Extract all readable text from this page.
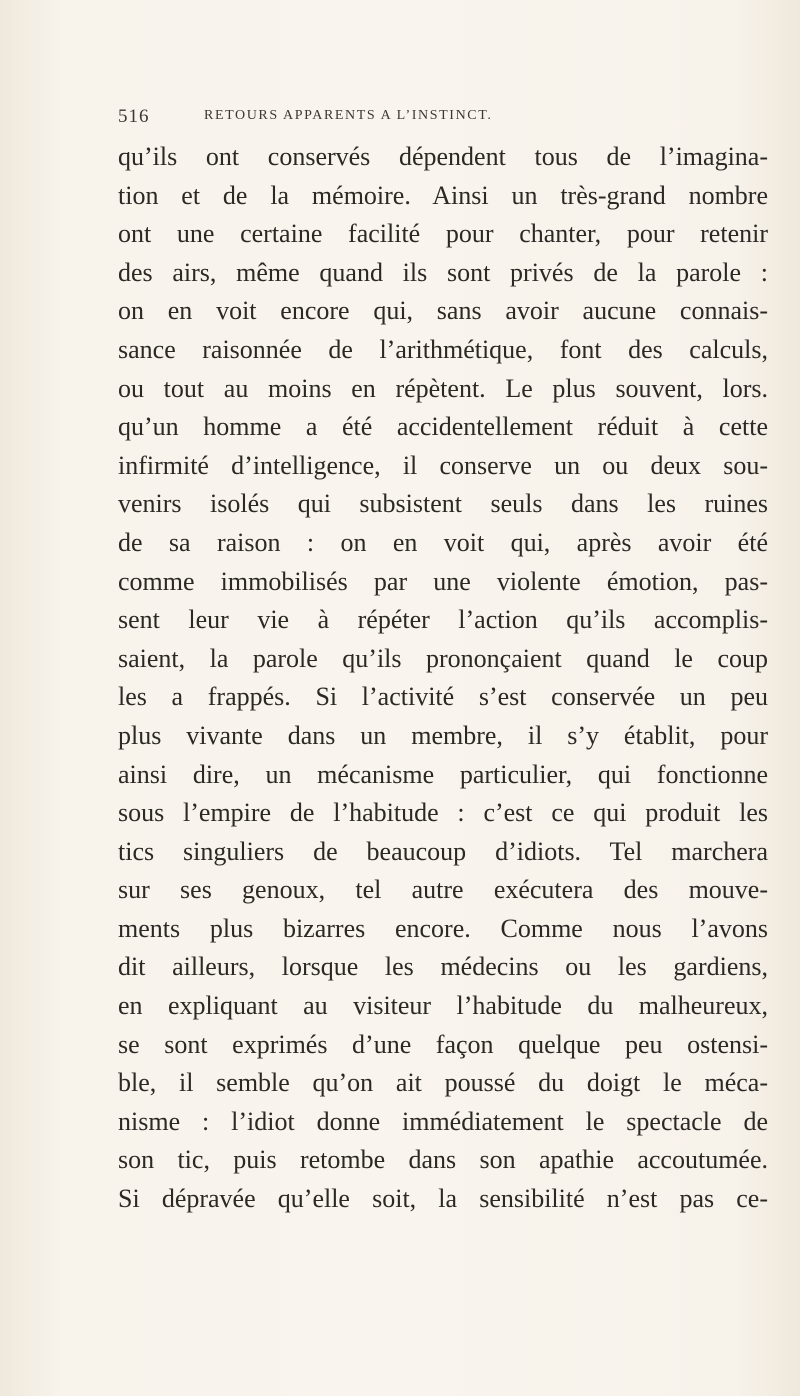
516	RETOURS APPARENTS A L’INSTINCT.
qu’ils ont conservés dépendent tous de l’imagina-
tion et de la mémoire. Ainsi un très-grand nombre
ont une certaine facilité pour chanter, pour retenir
des airs, même quand ils sont privés de la parole :
on en voit encore qui, sans avoir aucune connais-
sance raisonnée de l’arithmétique, font des calculs,
ou tout au moins en répètent. Le plus souvent, lors.
qu’un homme a été accidentellement réduit à cette
infirmité d’intelligence, il conserve un ou deux sou-
venirs isolés qui subsistent seuls dans les ruines
de sa raison : on en voit qui, après avoir été
comme immobilisés par une violente émotion, pas-
sent leur vie à répéter l’action qu’ils accomplis-
saient, la parole qu’ils prononçaient quand le coup
les a frappés. Si l’activité s’est conservée un peu
plus vivante dans un membre, il s’y établit, pour
ainsi dire, un mécanisme particulier, qui fonctionne
sous l’empire de l’habitude : c’est ce qui produit les
tics singuliers de beaucoup d’idiots. Tel marchera
sur ses genoux, tel autre exécutera des mouve-
ments plus bizarres encore. Comme nous l’avons
dit ailleurs, lorsque les médecins ou les gardiens,
en expliquant au visiteur l’habitude du malheureux,
se sont exprimés d’une façon quelque peu ostensi-
ble, il semble qu’on ait poussé du doigt le méca-
nisme : l’idiot donne immédiatement le spectacle de
son tic, puis retombe dans son apathie accoutumée.
Si dépravée qu’elle soit, la sensibilité n’est pas ce-
